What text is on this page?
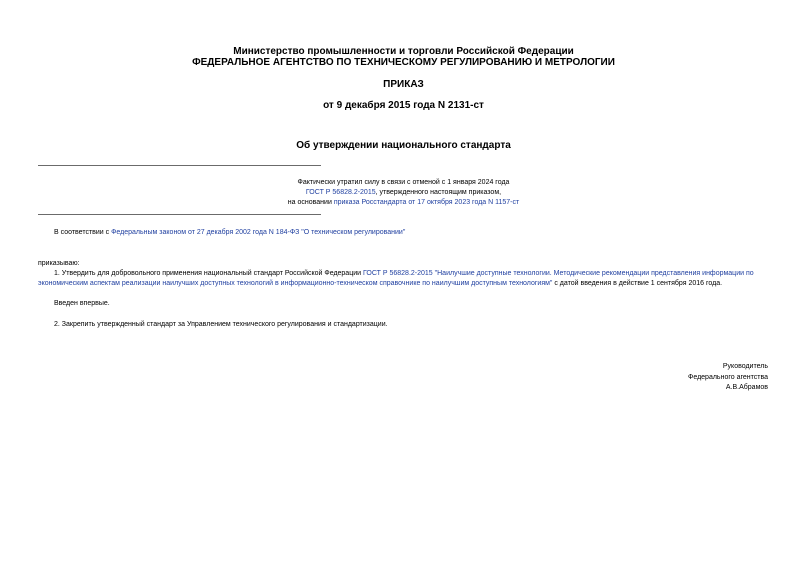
Министерство промышленности и торговли Российской Федерации
ФЕДЕРАЛЬНОЕ АГЕНТСТВО ПО ТЕХНИЧЕСКОМУ РЕГУЛИРОВАНИЮ И МЕТРОЛОГИИ
ПРИКАЗ
от 9 декабря 2015 года N 2131-ст
Об утверждении национального стандарта
Фактически утратил силу в связи с отменой с 1 января 2024 года
ГОСТ Р 56828.2-2015, утвержденного настоящим приказом,
на основании приказа Росстандарта от 17 октября 2023 года N 1157-ст
В соответствии с Федеральным законом от 27 декабря 2002 года N 184-ФЗ "О техническом регулировании"
приказываю:
1. Утвердить для добровольного применения национальный стандарт Российской Федерации ГОСТ Р 56828.2-2015 "Наилучшие доступные технологии. Методические рекомендации представления информации по
экономическим аспектам реализации наилучших доступных технологий в информационно-техническом справочнике по наилучшим доступным технологиям" с датой введения в действие 1 сентября 2016 года.
Введен впервые.
2. Закрепить утвержденный стандарт за Управлением технического регулирования и стандартизации.
Руководитель
Федерального агентства
А.В.Абрамов
